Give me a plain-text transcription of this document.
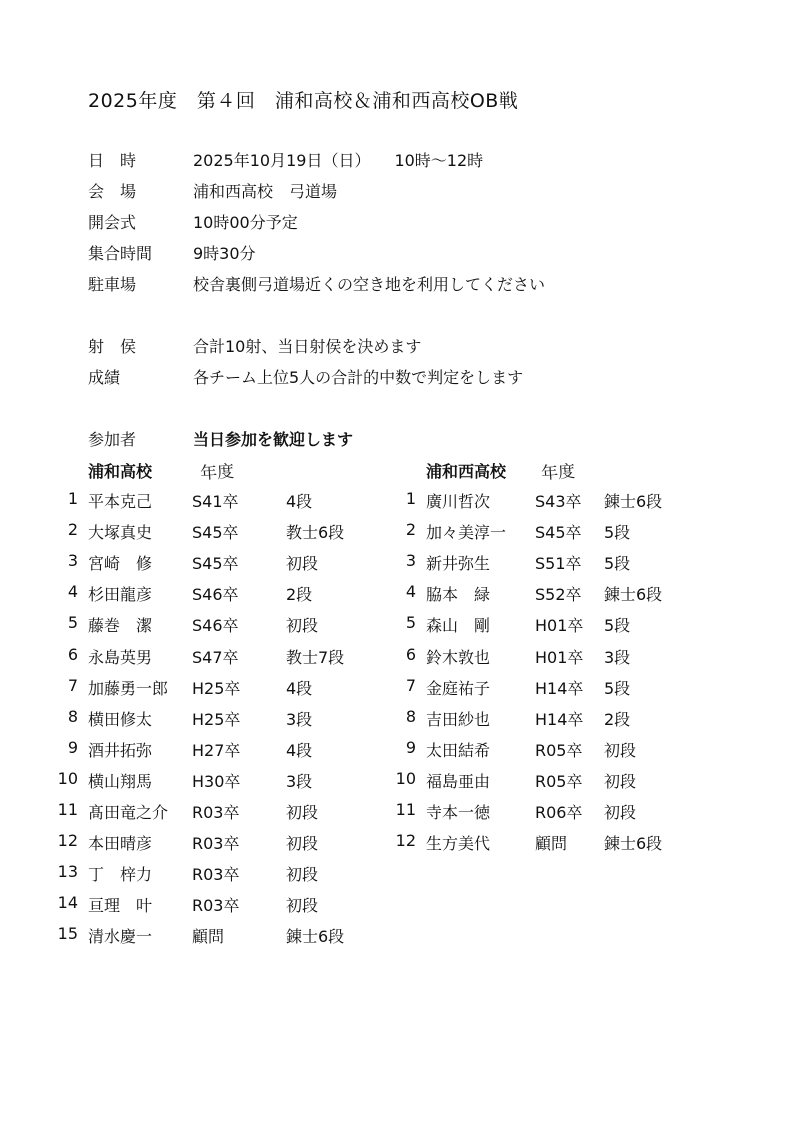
2025年度　第４回　浦和高校＆浦和西高校OB戦
日　時	2025年10月19日（日）　　10時～12時
会　場	浦和西高校　弓道場
開会式	10時00分予定
集合時間	9時30分
駐車場	校舎裏側弓道場近くの空き地を利用してください
射　侯	合計10射、当日射侯を決めます
成績	各チーム上位5人の合計的中数で判定をします
参加者	当日参加を歓迎します
浦和高校	年度	浦和西高校 年度
1 平本克己 S41卒	4段
2 大塚真史 S45卒	教士6段
3 宮崎　修 S45卒	初段
4 杉田龍彦 S46卒	2段
5 藤巻　潔 S46卒	初段
6 永島英男 S47卒	教士7段
7 加藤勇一郎 H25卒	4段
8 横田修太 H25卒	3段
9 酒井拓弥 H27卒	4段
10 横山翔馬 H30卒	3段
11 髙田竜之介 R03卒	初段
12 本田晴彦 R03卒	初段
13 丁　梓力 R03卒	初段
14 亘理　叶 R03卒	初段
15 清水慶一 顧問	錬士6段
1 廣川哲次	S43卒 錬士6段
2 加々美淳一 S45卒 5段
3 新井弥生	S51卒 5段
4 脇本　緑	S52卒 錬士6段
5 森山　剛	H01卒 5段
6 鈴木敦也	H01卒 3段
7 金庭祐子	H14卒 5段
8 吉田紗也	H14卒 2段
9 太田結希	R05卒 初段
10 福島亜由	R05卒 初段
11 寺本一徳	R06卒 初段
12 生方美代	顧問 錬士6段
